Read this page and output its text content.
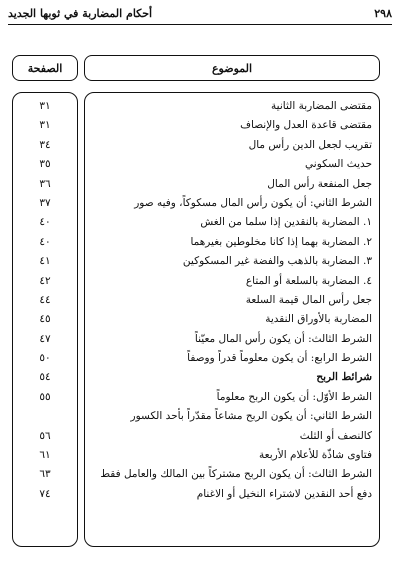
٢٩٨
أحكام المضاربة في ثوبها الجديد
الموضوع
الصفحة
مقتضى المضاربة الثانية
٣١
مقتضى قاعدة العدل والإنصاف
٣١
تقريب لجعل الدين رأس مال
٣٤
حديث السكوني
٣٥
جعل المنفعة رأس المال
٣٦
الشرط الثاني: أن يكون رأس المال مسكوكاً، وفيه صور
٣٧
١. المضاربة بالنقدين إذا سلما من الغش
٤٠
٢. المضاربة بهما إذا كانا مخلوطين بغيرهما
٤٠
٣. المضاربة بالذهب والفضة غير المسكوكين
٤١
٤. المضاربة بالسلعة أو المتاع
٤٢
جعل رأس المال قيمة السلعة
٤٤
المضاربة بالأوراق النقدية
٤٥
الشرط الثالث: أن يكون رأس المال معيّناً
٤٧
الشرط الرابع: أن يكون معلوماً قدراً ووصفاً
٥٠
شرائط الربح
٥٤
الشرط الأوّل: أن يكون الربح معلوماً
٥٥
الشرط الثاني: أن يكون الربح مشاعاً مقدّراً بأحد الكسور
كالنصف أو الثلث
٥٦
فتاوى شاذّة للأعلام الأربعة
٦١
الشرط الثالث: أن يكون الربح مشتركاً بين المالك والعامل فقط
٦٣
دفع أحد النقدين لاشتراء النخيل أو الاغنام
٧٤
